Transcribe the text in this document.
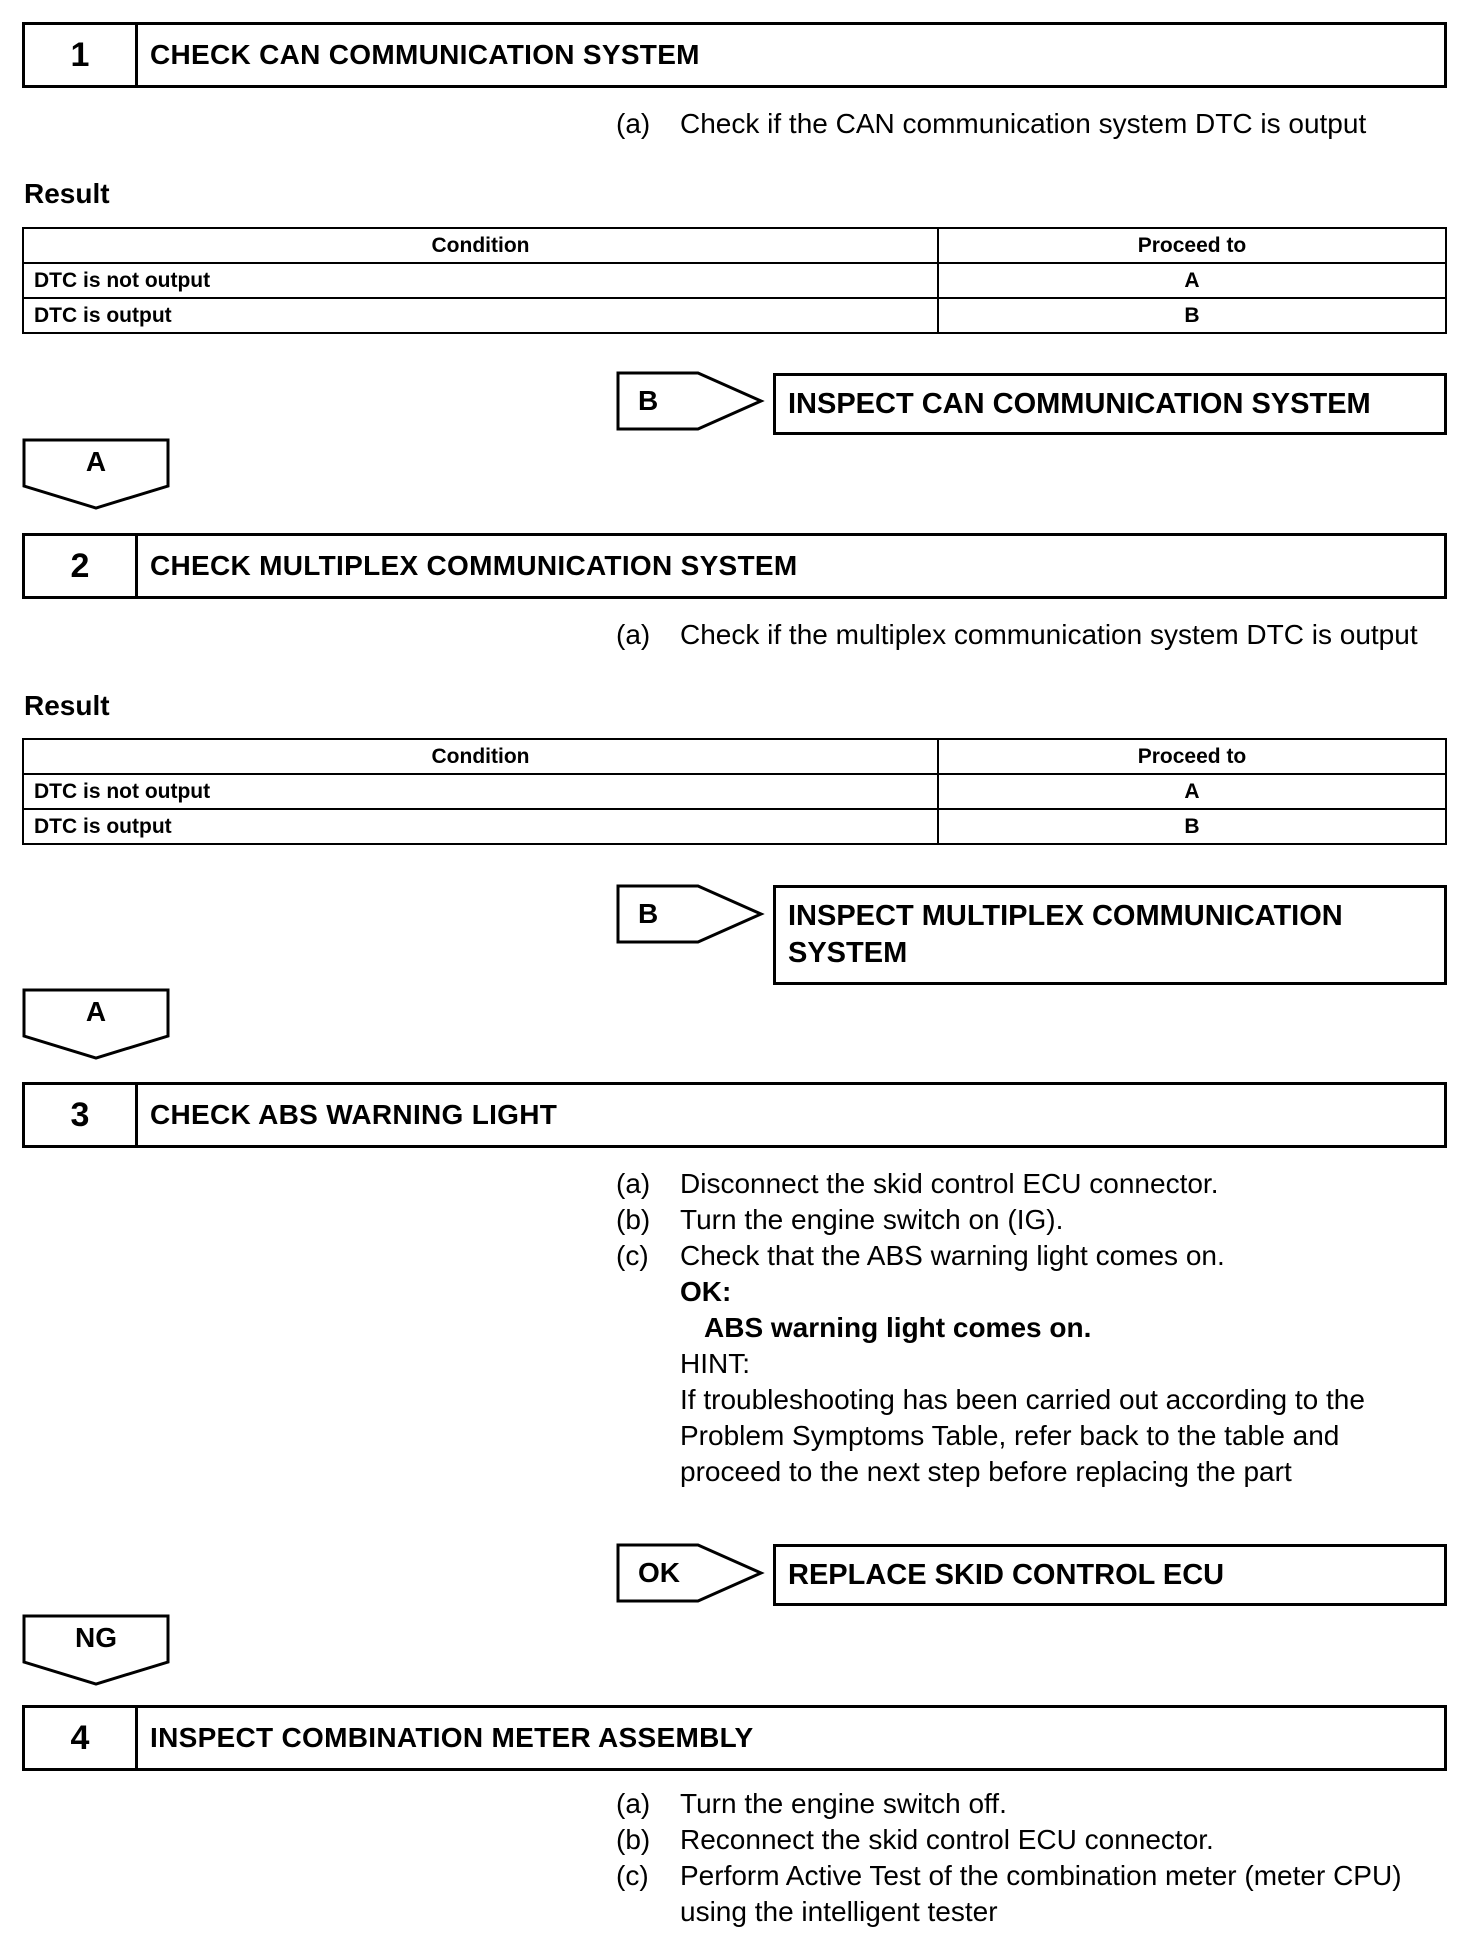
1	CHECK CAN COMMUNICATION SYSTEM
(a)	Check if the CAN communication system DTC is output
Result
Condition	Proceed to
DTC is not output	A
DTC is output	B
B	INSPECT CAN COMMUNICATION SYSTEM
A
2	CHECK MULTIPLEX COMMUNICATION SYSTEM
(a)	Check if the multiplex communication system DTC is output
Result
Condition	Proceed to
DTC is not output	A
DTC is output	B
B	INSPECT MULTIPLEX COMMUNICATION SYSTEM
A
3	CHECK ABS WARNING LIGHT
(a)	Disconnect the skid control ECU connector.
(b)	Turn the engine switch on (IG).
(c)	Check that the ABS warning light comes on.
OK:
ABS warning light comes on.
HINT:
If troubleshooting has been carried out according to the Problem Symptoms Table, refer back to the table and proceed to the next step before replacing the part
OK	REPLACE SKID CONTROL ECU
NG
4	INSPECT COMBINATION METER ASSEMBLY
(a)	Turn the engine switch off.
(b)	Reconnect the skid control ECU connector.
(c)	Perform Active Test of the combination meter (meter CPU) using the intelligent tester
